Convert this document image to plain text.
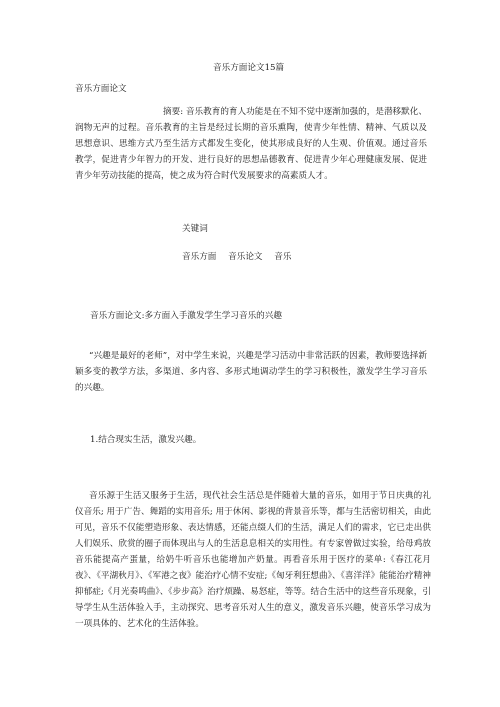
音乐方面论文15篇
音乐方面论文
摘要: 音乐教育的育人功能是在不知不觉中逐渐加强的，是潜移默化、润物无声的过程。音乐教育的主旨是经过长期的音乐熏陶，使青少年性情、精神、气质以及思想意识、思维方式乃至生活方式都发生变化，使其形成良好的人生观、价值观。通过音乐教学，促进青少年智力的开发、进行良好的思想品德教育、促进青少年心理健康发展、促进青少年劳动技能的提高，使之成为符合时代发展要求的高素质人才。
关键词
音乐方面 音乐论文 音乐
音乐方面论文:多方面入手激发学生学习音乐的兴趣
“兴趣是最好的老师”，对中学生来说，兴趣是学习活动中非常活跃的因素，教师要选择新颖多变的教学方法，多渠道、多内容、多形式地调动学生的学习积极性，激发学生学习音乐的兴趣。
1.结合现实生活，激发兴趣。
音乐源于生活又服务于生活，现代社会生活总是伴随着大量的音乐，如用于节日庆典的礼仪音乐; 用于广告、舞蹈的实用音乐; 用于休闲、影视的背景音乐等，都与生活密切相关，由此可见，音乐不仅能塑造形象、表达情感，还能点缀人们的生活，满足人们的需求，它已走出供人们娱乐、欣赏的圈子而体现出与人的生活息息相关的实用性。有专家曾做过实验，给母鸡放音乐能提高产蛋量，给奶牛听音乐也能增加产奶量。再看音乐用于医疗的菜单:《春江花月夜》、《平湖秋月》、《军港之夜》能治疗心情不安症;《匈牙利狂想曲》、《喜洋洋》能能治疗精神抑郁症;《月光奏鸣曲》、《步步高》治疗烦躁、易怒症，等等。结合生活中的这些音乐现象，引导学生从生活体验入手，主动探究、思考音乐对人生的意义，激发音乐兴趣，使音乐学习成为一项具体的、艺术化的生活体验。
